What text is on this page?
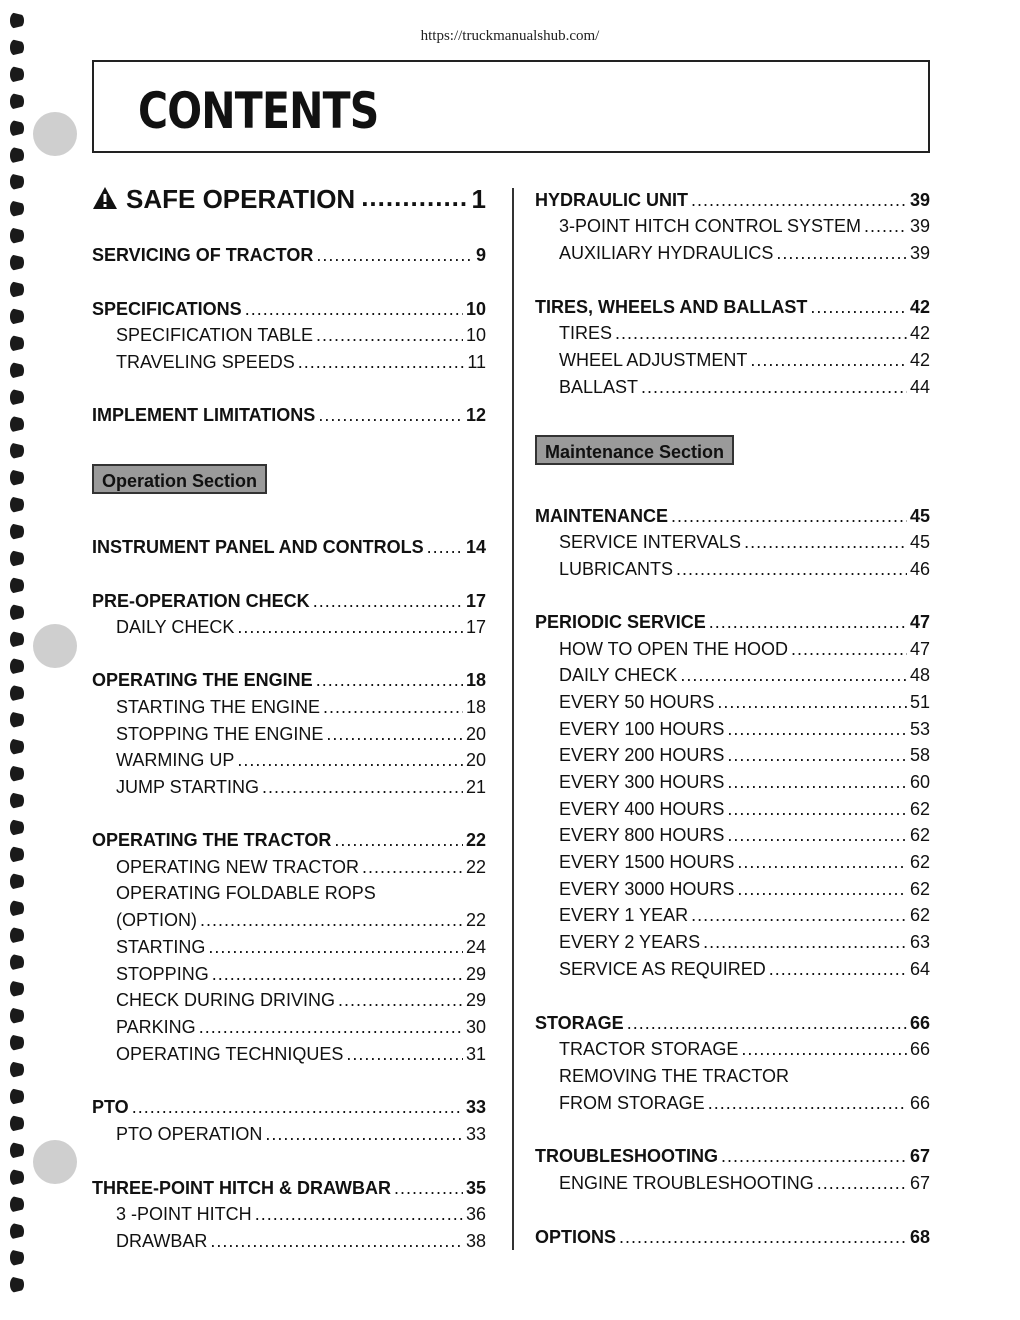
https://truckmanualshub.com/
CONTENTS
SAFE OPERATION .....	1
Operation Section
SERVICING OF TRACTOR .....	9
SPECIFICATIONS .....	10
SPECIFICATION TABLE .....	10
TRAVELING SPEEDS .....	11
IMPLEMENT LIMITATIONS .....	12
INSTRUMENT PANEL AND CONTROLS ..... 14
PRE-OPERATION CHECK .....	17
DAILY CHECK .....	17
OPERATING THE ENGINE .....	18
STARTING THE ENGINE .....	18
STOPPING THE ENGINE .....	20
WARMING UP .....	20
JUMP STARTING .....	21
OPERATING THE TRACTOR .....	22
OPERATING NEW TRACTOR .....	22
OPERATING FOLDABLE ROPS
(OPTION) .....	22
STARTING .....	24
STOPPING .....	29
CHECK DURING DRIVING .....	29
PARKING .....	30
OPERATING TECHNIQUES .....	31
PTO .....	33
PTO OPERATION .....	33
THREE-POINT HITCH & DRAWBAR .....	35
3 -POINT HITCH .....	36
DRAWBAR .....	38
Maintenance Section
HYDRAULIC UNIT .....	39
3-POINT HITCH CONTROL SYSTEM .....	39
AUXILIARY HYDRAULICS .....	39
TIRES, WHEELS AND BALLAST .....	42
TIRES .....	42
WHEEL ADJUSTMENT .....	42
BALLAST .....	44
MAINTENANCE .....	45
SERVICE INTERVALS .....	45
LUBRICANTS .....	46
PERIODIC SERVICE .....	47
HOW TO OPEN THE HOOD .....	47
DAILY CHECK .....	48
EVERY 50 HOURS .....	51
EVERY 100 HOURS .....	53
EVERY 200 HOURS .....	58
EVERY 300 HOURS .....	60
EVERY 400 HOURS .....	62
EVERY 800 HOURS .....	62
EVERY 1500 HOURS .....	62
EVERY 3000 HOURS .....	62
EVERY 1 YEAR .....	62
EVERY 2 YEARS .....	63
SERVICE AS REQUIRED .....	64
STORAGE .....	66
TRACTOR STORAGE .....	66
REMOVING THE TRACTOR
FROM STORAGE .....	66
TROUBLESHOOTING .....	67
ENGINE TROUBLESHOOTING .....	67
OPTIONS .....	68
